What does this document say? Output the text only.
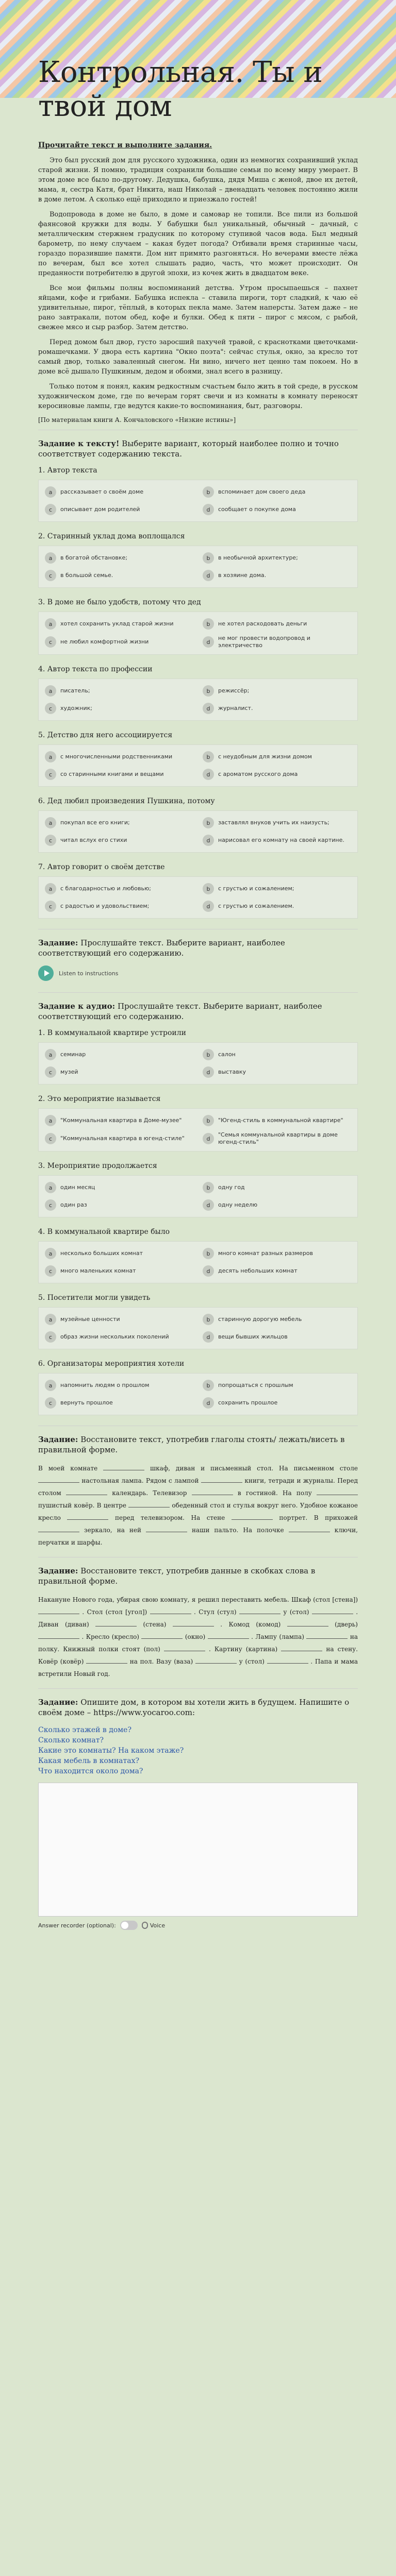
Контрольная. Ты и твой дом
Прочитайте текст и выполните задания.

Это был русский дом для русского художника, один из немногих сохранивший уклад старой жизни. Я помню, традиция сохранили большие семьи по всему миру умерает. В этом доме все было по-другому. Дедушка, бабушка, дядя Миша с женой, двое их детей, мама, я, сестра Катя, брат Никита, наш Николай – двенадцать человек постоянно жили в доме летом. А сколько ещё приходило и приезжало гостей!

Водопровода в доме не было, в доме и самовар не топили. Все пили из большой фаянсовой кружки для воды. У бабушки был уникальный, обычный – дачный, с металлическим стержнем градусник по которому ступивой часов вода. Был медный барометр, по нему случаем – какая будет погода? Отбивали время старинные часы, гораздо поразившие памяти. Дом нит примято разгоняться. Но вечерами вместе лёжа по вечерам, был все хотел слышать радио, часть, что может происходит. Он преданности потребителю в другой эпохи, из кочек жить в двадцатом веке.

Все мои фильмы полны воспоминаний детства. Утром просыпаешься – пахнет яйцами, кофе и грибами. Бабушка испекла – ставила пироги, торт сладкий, к чаю её удивительные, пирог, тёплый, в которых пекла маме. Затем наперсты. Затем даже – не рано завтракали, потом обед, кофе и булки. Обед к пяти – пирог с мясом, с рыбой, свежее мясо и сыр разбор. Затем детство.

Перед домом был двор, густо заросший пахучей травой, с краснотками цветочками-ромашечками. У двора есть картина "Окно поэта": сейчас стулья, окно, за кресло тот самый двор, только заваленный снегом. Ни вино, ничего нет ценно там покоем. Но в доме всё дышало Пушкиным, дедом и обоями, знал всего в разницу.

Только потом я понял, каким редкостным счастьем было жить в той среде, в русском художническом доме, где по вечерам горят свечи и из комнаты в комнату переносят керосиновые лампы, где ведутся какие-то воспоминания, быт, разговоры.

[По материалам книги А. Кончаловского «Низкие истины»]

Задание к тексту! Выберите вариант, который наиболее полно и точно соответствует содержанию текста.
1. Автор текста
a	рассказывает о своём доме	b	вспоминает дом своего деда
c	описывает дом родителей	d	сообщает о покупке дома
2. Старинный уклад дома воплощался
a	в богатой обстановке;	b	в необычной архитектуре;
c	в большой семье.	d	в хозяине дома.
3. В доме не было удобств, потому что дед
a	хотел сохранить уклад старой жизни	b	не хотел расходовать деньги
c	не любил комфортной жизни	d
не мог провести водопровод и электричество
4. Автор текста по профессии
a	писатель;	b	режиссёр;
c	художник;	d	журналист.
5. Детство для него ассоциируется
a	с многочисленными родственниками	b	с неудобным для жизни домом
c	со старинными книгами и вещами	d	с ароматом русского дома
6. Дед любил произведения Пушкина, потому
a	покупал все его книги;	b	заставлял внуков учить их наизусть;
c	читал вслух его стихи	d	нарисовал его комнату на своей картине.
7. Автор говорит о своём детстве
a	с благодарностью и любовью;	b	с грустью и сожалением;
c	с радостью и удовольствием;	d	с грустью и сожалением.
Задание: Прослушайте текст. Выберите вариант, наиболее соответствующий его содержанию.
Listen to instructions
Задание к аудио: Прослушайте текст. Выберите вариант, наиболее соответствующий его содержанию.
1. В коммунальной квартире устроили
a	семинар	b	салон
c	музей	d	выставку
2. Это мероприятие называется
a	"Коммунальная квартира в Доме-музее"	b	"Югенд-стиль в коммунальной квартире"
c	"Коммунальная квартира в югенд-стиле"	d
"Семья коммунальной квартиры в доме югенд-стиль"
3. Мероприятие продолжается
a	один месяц	b	одну год
c	один раз	d	одну неделю
4. В коммунальной квартире было
a	несколько больших комнат	b	много комнат разных размеров
c	много маленьких комнат	d	десять небольших комнат
5. Посетители могли увидеть
a	музейные ценности	b	старинную дорогую мебель
c	образ жизни нескольких поколений	d	вещи бывших жильцов
6. Организаторы мероприятия хотели
a	напомнить людям о прошлом	b	попрощаться с прошлым
c	вернуть прошлое	d	сохранить прошлое
Задание: Восстановите текст, употребив глаголы стоять/ лежать/висеть в правильной форме.

В моей комнате	шкаф, диван и письменный стол. На письменном столе  настольная лампа. Рядом с лампой	книги, тетради и журналы. Перед столом	календарь. Телевизор	в гостиной. На полу  пушистый ковёр. В центре	обеденный стол и стулья вокруг него. Удобное кожаное кресло	перед телевизором. На стене	портрет. В прихожей  зеркало, на ней	наши пальто. На полочке	ключи, перчатки и шарфы.

Задание: Восстановите текст, употребив данные в скобках слова в правильной форме.

Накануне Нового года, убирая свою комнату, я решил переставить мебель. Шкаф (стол [стена])  . Стол (стол [угол])	. Стул (стул)	у (стол)	. Диван (диван)	(стена)	. Комод (комод)	(дверь)  . Кресло (кресло)	(окно)	. Лампу (лампа)	на полку. Книжный полки стоят (пол)	. Картину (картина)	на стену. Ковёр (ковёр)	на пол. Вазу (ваза)	у (стол)	. Папа и мама встретили Новый год.

Задание: Опишите дом, в котором вы хотели жить в будущем. Напишите о своём доме – https://www.yocaroo.com:
Сколько этажей в доме?
Сколько комнат?
Какие это комнаты? На каком этаже?
Какая мебель в комнатах?
Что находится около дома?
Answer recorder (optional):	Voice
